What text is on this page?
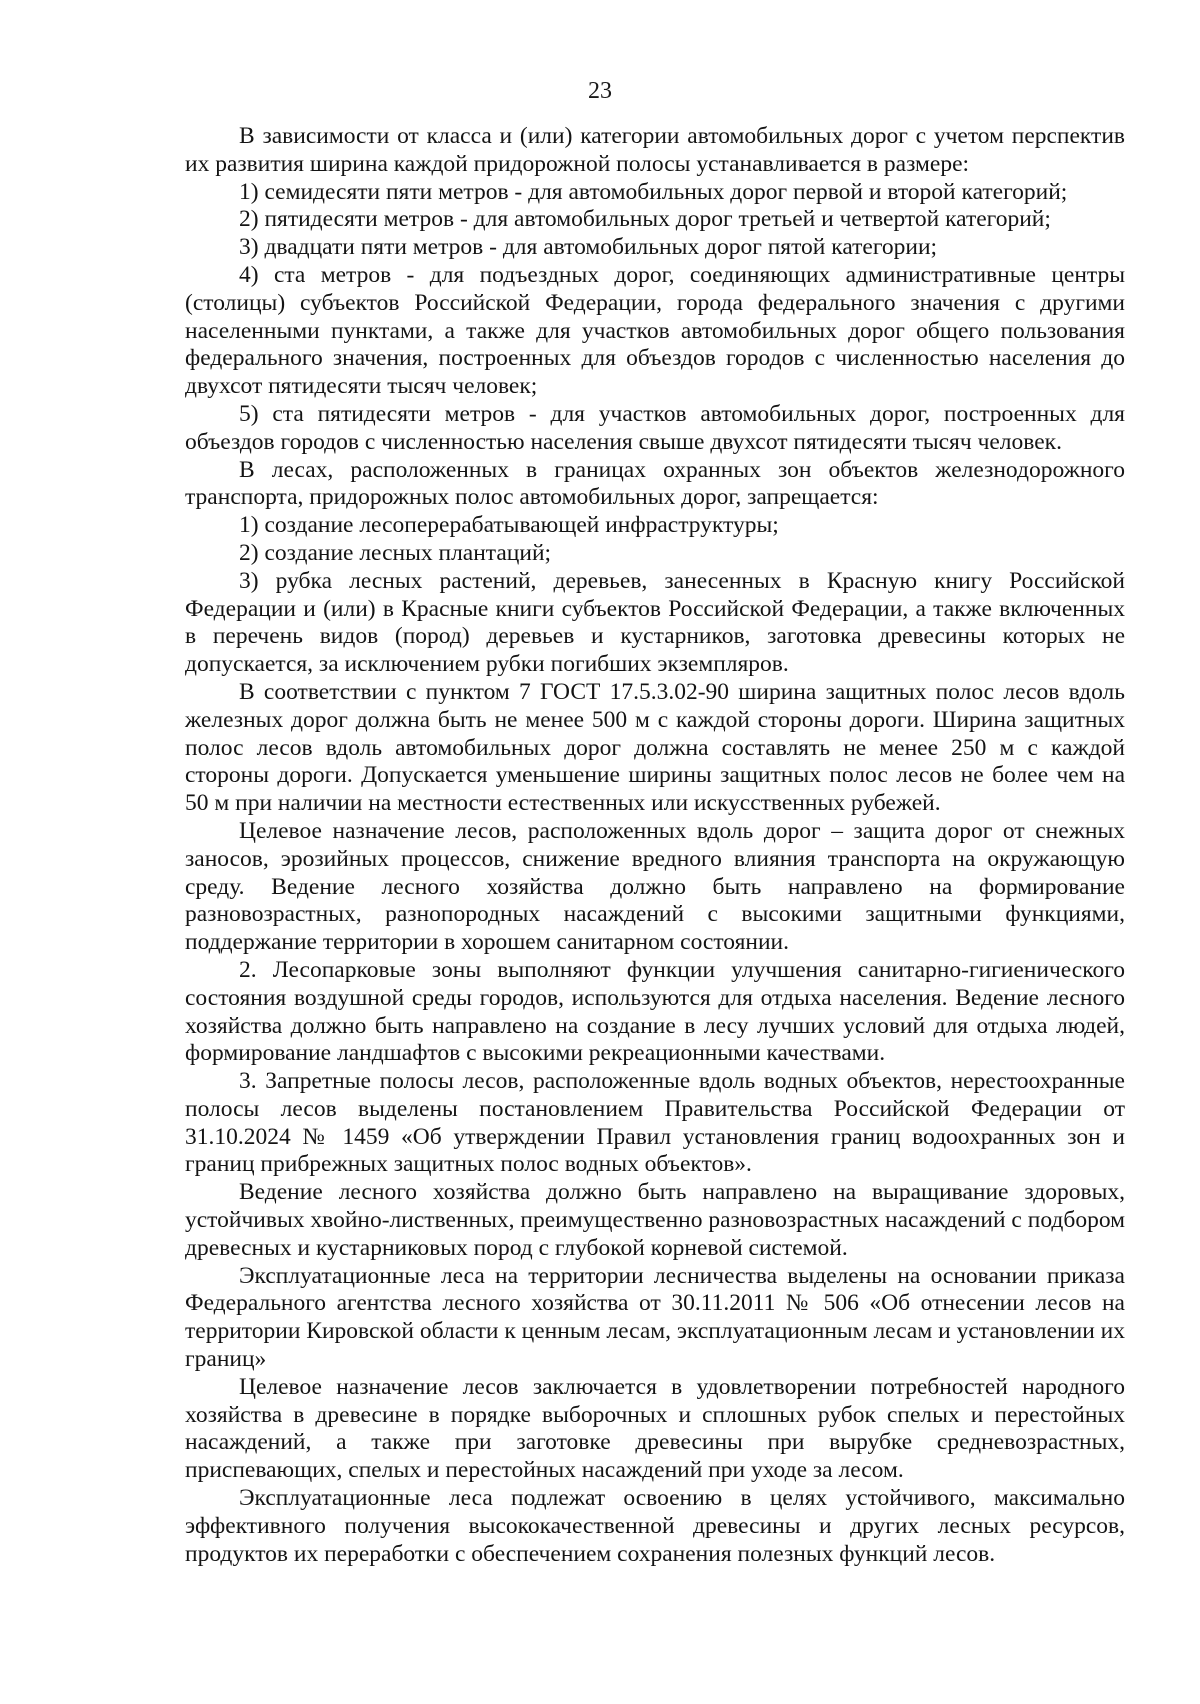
23

В зависимости от класса и (или) категории автомобильных дорог с учетом перспектив их развития ширина каждой придорожной полосы устанавливается в размере:

1) семидесяти пяти метров - для автомобильных дорог первой и второй категорий;

2) пятидесяти метров - для автомобильных дорог третьей и четвертой категорий;

3) двадцати пяти метров - для автомобильных дорог пятой категории;

4) ста метров - для подъездных дорог, соединяющих административные центры (столицы) субъектов Российской Федерации, города федерального значения с другими населенными пунктами, а также для участков автомобильных дорог общего пользования федерального значения, построенных для объездов городов с численностью населения до двухсот пятидесяти тысяч человек;

5) ста пятидесяти метров - для участков автомобильных дорог, построенных для объездов городов с численностью населения свыше двухсот пятидесяти тысяч человек.

В лесах, расположенных в границах охранных зон объектов железнодорожного транспорта, придорожных полос автомобильных дорог, запрещается:

1) создание лесоперерабатывающей инфраструктуры;

2) создание лесных плантаций;

3) рубка лесных растений, деревьев, занесенных в Красную книгу Российской Федерации и (или) в Красные книги субъектов Российской Федерации, а также включенных в перечень видов (пород) деревьев и кустарников, заготовка древесины которых не допускается, за исключением рубки погибших экземпляров.

В соответствии с пунктом 7 ГОСТ 17.5.3.02-90 ширина защитных полос лесов вдоль железных дорог должна быть не менее 500 м с каждой стороны дороги. Ширина защитных полос лесов вдоль автомобильных дорог должна составлять не менее 250 м с каждой стороны дороги. Допускается уменьшение ширины защитных полос лесов не более чем на 50 м при наличии на местности естественных или искусственных рубежей.

Целевое назначение лесов, расположенных вдоль дорог – защита дорог от снежных заносов, эрозийных процессов, снижение вредного влияния транспорта на окружающую среду. Ведение лесного хозяйства должно быть направлено на формирование разновозрастных, разнопородных насаждений с высокими защитными функциями, поддержание территории в хорошем санитарном состоянии.

2. Лесопарковые зоны выполняют функции улучшения санитарно-гигиенического состояния воздушной среды городов, используются для отдыха населения. Ведение лесного хозяйства должно быть направлено на создание в лесу лучших условий для отдыха людей, формирование ландшафтов с высокими рекреационными качествами.

3. Запретные полосы лесов, расположенные вдоль водных объектов, нерестоохранные полосы лесов выделены постановлением Правительства Российской Федерации от 31.10.2024 № 1459 «Об утверждении Правил установления границ водоохранных зон и границ прибрежных защитных полос водных объектов».

Ведение лесного хозяйства должно быть направлено на выращивание здоровых, устойчивых хвойно-лиственных, преимущественно разновозрастных насаждений с подбором древесных и кустарниковых пород с глубокой корневой системой.

Эксплуатационные леса на территории лесничества выделены на основании приказа Федерального агентства лесного хозяйства от 30.11.2011 № 506 «Об отнесении лесов на территории Кировской области к ценным лесам, эксплуатационным лесам и установлении их границ»

Целевое назначение лесов заключается в удовлетворении потребностей народного хозяйства в древесине в порядке выборочных и сплошных рубок спелых и перестойных насаждений, а также при заготовке древесины при вырубке средневозрастных, приспевающих, спелых и перестойных насаждений при уходе за лесом.

Эксплуатационные леса подлежат освоению в целях устойчивого, максимально эффективного получения высококачественной древесины и других лесных ресурсов, продуктов их переработки с обеспечением сохранения полезных функций лесов.
